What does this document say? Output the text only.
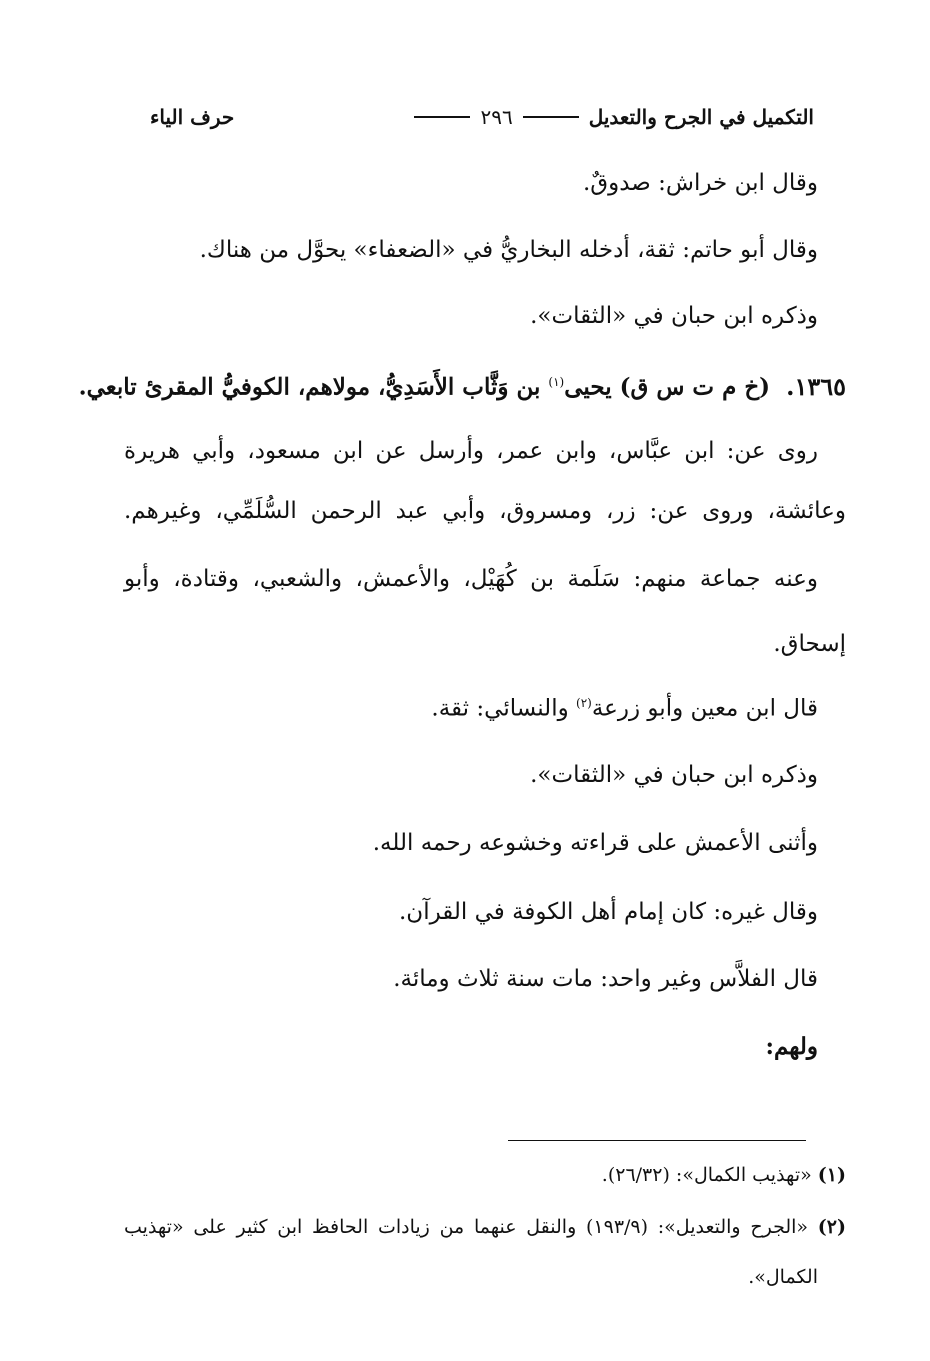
التكميل في الجرح والتعديل
٢٩٦
حرف الياء
وقال ابن خراش: صدوقٌ.
وقال أبو حاتم: ثقة، أدخله البخاريُّ في «الضعفاء» يحوَّل من هناك.
وذكره ابن حبان في «الثقات».
١٣٦٥. (خ م ت س ق) يحيى$^{(١)}$ بن وَثَّاب الأَسَدِيُّ، مولاهم، الكوفيُّ المقرئ تابعي.
روى عن: ابن عبَّاس، وابن عمر، وأرسل عن ابن مسعود، وأبي هريرة
وعائشة، وروى عن: زر، ومسروق، وأبي عبد الرحمن السُّلَمِّي، وغيرهم.
وعنه جماعة منهم: سَلَمة بن كُهَيْل، والأعمش، والشعبي، وقتادة، وأبو
إسحاق.
قال ابن معين وأبو زرعة$^{(٢)}$ والنسائي: ثقة.
وذكره ابن حبان في «الثقات».
وأثنى الأعمش على قراءته وخشوعه رحمه الله.
وقال غيره: كان إمام أهل الكوفة في القرآن.
قال الفلاَّس وغير واحد: مات سنة ثلاث ومائة.
ولهم:
(١) «تهذيب الكمال»: (٢٦/٣٢).
(٢) «الجرح والتعديل»: (١٩٣/٩) والنقل عنهما من زيادات الحافظ ابن كثير على «تهذيب
الكمال».
